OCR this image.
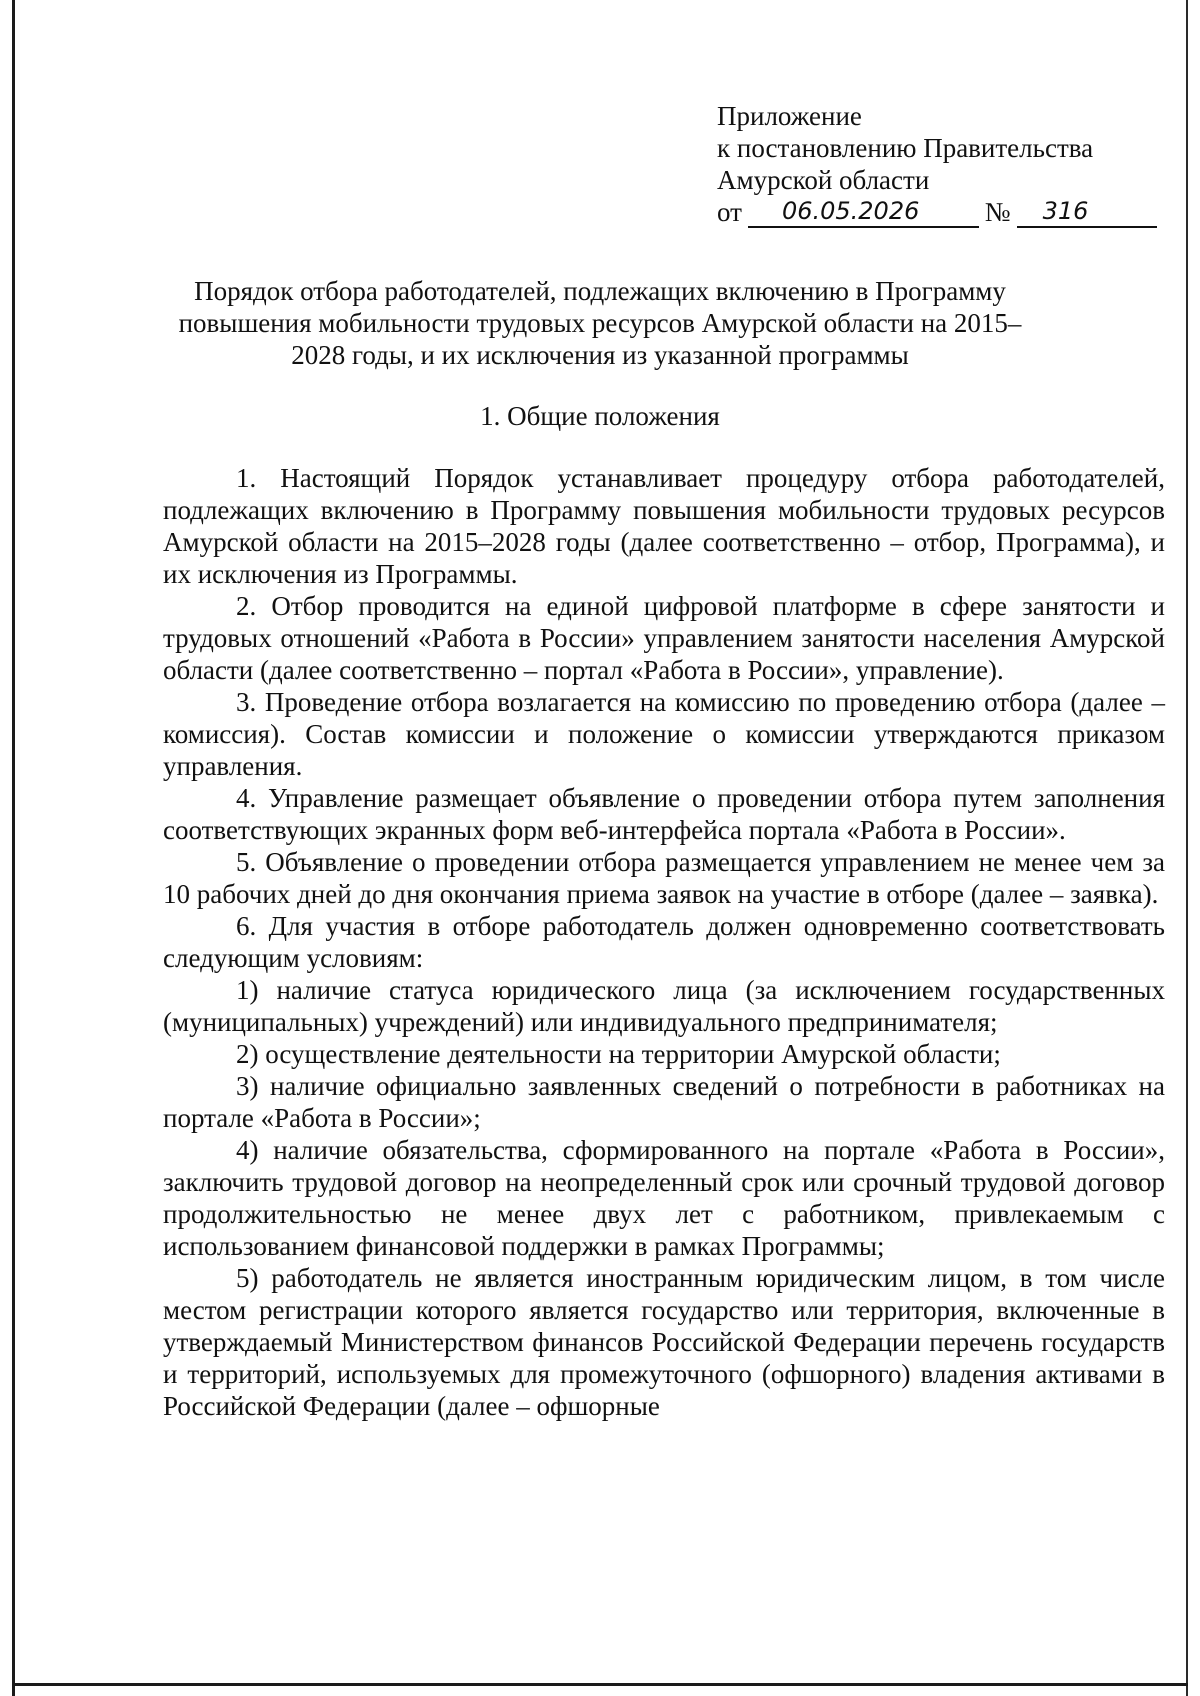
Приложение
к постановлению Правительства
Амурской области
от	06.05.2026	№	316
Порядок отбора работодателей, подлежащих включению в Программу повышения мобильности трудовых ресурсов Амурской области на 2015–2028 годы, и их исключения из указанной программы
1. Общие положения

1. Настоящий Порядок устанавливает процедуру отбора работодателей, подлежащих включению в Программу повышения мобильности трудовых ресурсов Амурской области на 2015–2028 годы (далее соответственно – отбор, Программа), и их исключения из Программы.

2. Отбор проводится на единой цифровой платформе в сфере занятости и трудовых отношений «Работа в России» управлением занятости населения Амурской области (далее соответственно – портал «Работа в России», управление).

3. Проведение отбора возлагается на комиссию по проведению отбора (далее – комиссия). Состав комиссии и положение о комиссии утверждаются приказом управления.

4. Управление размещает объявление о проведении отбора путем заполнения соответствующих экранных форм веб-интерфейса портала «Работа в России».

5. Объявление о проведении отбора размещается управлением не менее чем за 10 рабочих дней до дня окончания приема заявок на участие в отборе (далее – заявка).

6. Для участия в отборе работодатель должен одновременно соответствовать следующим условиям:

1) наличие статуса юридического лица (за исключением государственных (муниципальных) учреждений) или индивидуального предпринимателя;

2) осуществление деятельности на территории Амурской области;

3) наличие официально заявленных сведений о потребности в работниках на портале «Работа в России»;

4) наличие обязательства, сформированного на портале «Работа в России», заключить трудовой договор на неопределенный срок или срочный трудовой договор продолжительностью не менее двух лет с работником, привлекаемым с использованием финансовой поддержки в рамках Программы;

5) работодатель не является иностранным юридическим лицом, в том числе местом регистрации которого является государство или территория, включенные в утверждаемый Министерством финансов Российской Федерации перечень государств и территорий, используемых для промежуточного (офшорного) владения активами в Российской Федерации (далее – офшорные
